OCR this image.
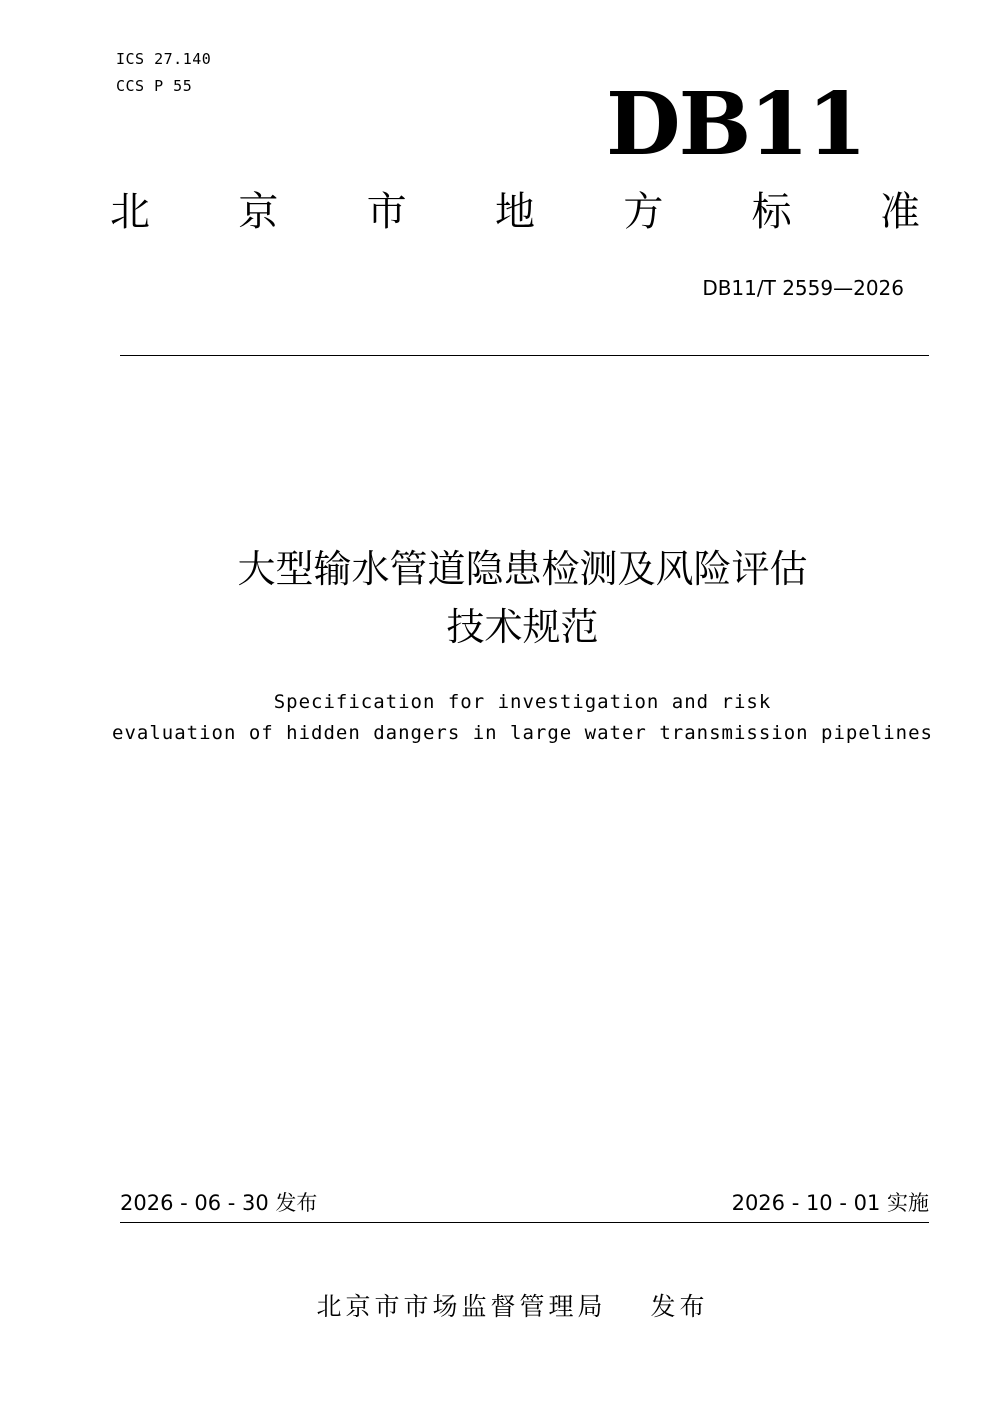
ICS 27.140
CCS P 55	DB11
北 京 市 地 方 标 准
DB11/T 2559—2026
大型输水管道隐患检测及风险评估
技术规范
Specification for investigation and risk
evaluation of hidden dangers in large water transmission pipelines
2026 - 06 - 30 发布	2026 - 10 - 01 实施
北京市市场监督管理局 发布
